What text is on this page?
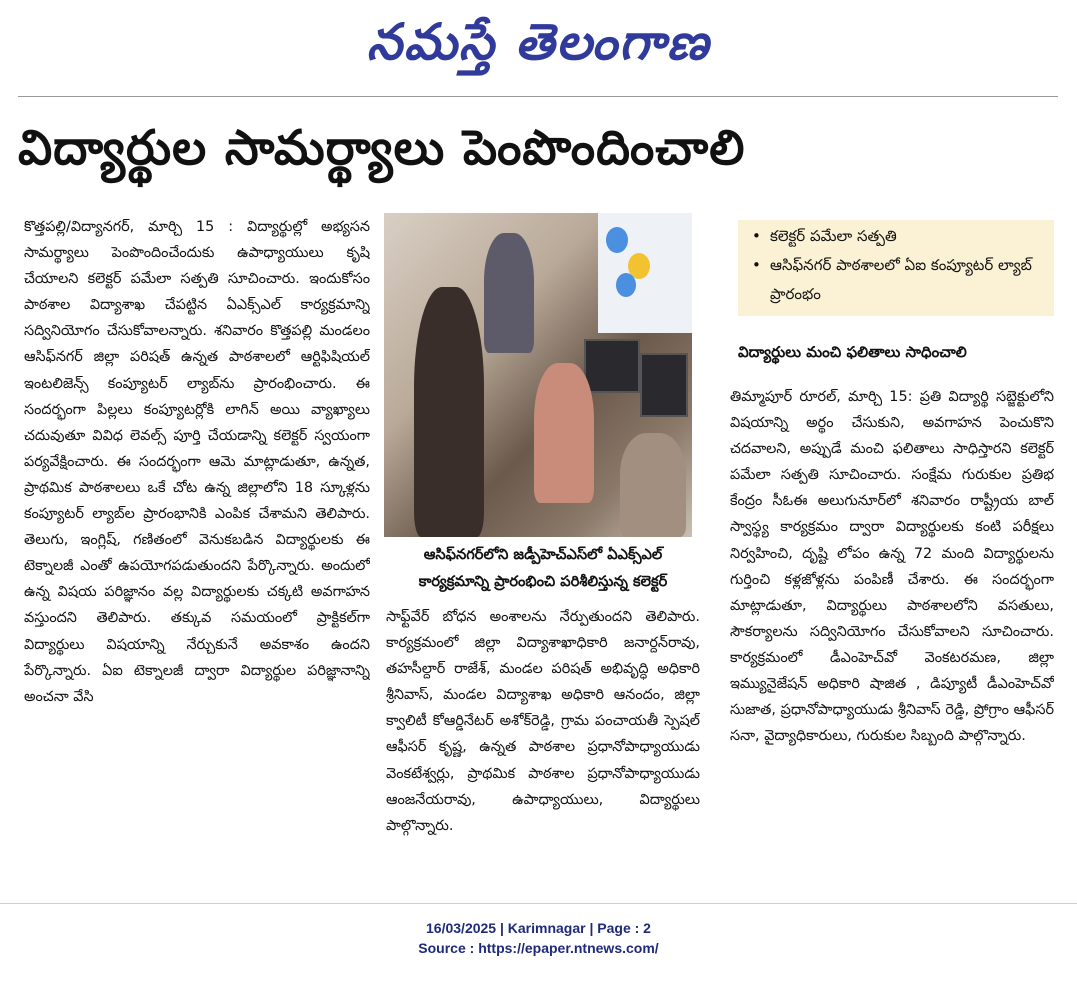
నమస్తే తెలంగాణ
విద్యార్థుల సామర్థ్యాలు పెంపొందించాలి

కొత్తపల్లి/విద్యానగర్, మార్చి 15 : విద్యార్థుల్లో అభ్యసన సామర్థ్యాలు పెంపొందించేందుకు ఉపాధ్యాయులు కృషి చేయాలని కలెక్టర్ పమేలా సత్పతి సూచించారు. ఇందుకోసం పాఠశాల విద్యాశాఖ చేపట్టిన ఏఎక్స్ఎల్ కార్యక్రమాన్ని సద్వినియోగం చేసుకోవాలన్నారు. శనివారం కొత్తపల్లి మండలం ఆసిఫ్‌నగర్ జిల్లా పరిషత్ ఉన్నత పాఠశాలలో ఆర్టిఫిషియల్ ఇంటలిజెన్స్ కంప్యూటర్ ల్యాబ్‌ను ప్రారంభించారు. ఈ సందర్భంగా పిల్లలు కంప్యూటర్లోకి లాగిన్ అయి వ్యాఖ్యాలు చదువుతూ వివిధ లెవల్స్ పూర్తి చేయడాన్ని కలెక్టర్ స్వయంగా పర్యవేక్షించారు. ఈ సందర్భంగా ఆమె మాట్లాడుతూ, ఉన్నత, ప్రాథమిక పాఠశాలలు ఒకే చోట ఉన్న జిల్లాలోని 18 స్కూళ్లను కంప్యూటర్ ల్యాబ్‌ల ప్రారంభానికి ఎంపిక చేశామని తెలిపారు. తెలుగు, ఇంగ్లిష్, గణితంలో వెనుకబడిన విద్యార్థులకు ఈ టెక్నాలజీ ఎంతో ఉపయోగపడుతుందని పేర్కొన్నారు. అందులో ఉన్న విషయ పరిజ్ఞానం వల్ల విద్యార్థులకు చక్కటి అవగాహన వస్తుందని తెలిపారు. తక్కువ సమయంలో ప్రాక్టికల్‌గా విద్యార్థులు విషయాన్ని నేర్చుకునే అవకాశం ఉందని పేర్కొన్నారు. ఏఐ టెక్నాలజీ ద్వారా విద్యార్థుల పరిజ్ఞానాన్ని అంచనా వేసి

ఆసిఫ్‌నగర్‌లోని జడ్పీహెచ్ఎస్‌లో ఏఎక్స్ఎల్ కార్యక్రమాన్ని ప్రారంభించి పరిశీలిస్తున్న కలెక్టర్

సాఫ్ట్‌వేర్ బోధన అంశాలను నేర్పుతుందని తెలిపారు. కార్యక్రమంలో జిల్లా విద్యాశాఖాధికారి జనార్దన్‌రావు, తహసీల్దార్ రాజేశ్, మండల పరిషత్ అభివృద్ధి అధికారి శ్రీనివాస్, మండల విద్యాశాఖ అధికారి ఆనందం, జిల్లా క్వాలిటీ కో‌ఆర్డినేటర్ అశోక్‌రెడ్డి, గ్రామ పంచాయతీ స్పెషల్ ఆఫీసర్ కృష్ణ, ఉన్నత పాఠశాల ప్రధానోపాధ్యాయుడు వెంకటేశ్వర్లు, ప్రాథమిక పాఠశాల ప్రధానోపాధ్యాయుడు ఆంజనేయరావు, ఉపాధ్యాయులు, విద్యార్థులు పాల్గొన్నారు.

• కలెక్టర్ పమేలా సత్పతి
• ఆసిఫ్‌నగర్ పాఠశాలలో ఏఐ కంప్యూటర్ ల్యాబ్ ప్రారంభం
విద్యార్థులు మంచి ఫలితాలు సాధించాలి

తిమ్మాపూర్ రూరల్, మార్చి 15: ప్రతి విద్యార్థి సబ్జెక్టులోని విషయాన్ని అర్థం చేసుకుని, అవగాహన పెంచుకొని చదవాలని, అప్పుడే మంచి ఫలితాలు సాధిస్తారని కలెక్టర్ పమేలా సత్పతి సూచించారు. సంక్షేమ గురుకుల ప్రతిభ కేంద్రం సీఓఈ అలుగునూర్‌లో శనివారం రాష్ట్రీయ బాల్ స్వాస్థ్య కార్యక్రమం ద్వారా విద్యార్థులకు కంటి పరీక్షలు నిర్వహించి, దృష్టి లోపం ఉన్న 72 మంది విద్యార్థులను గుర్తించి కళ్లజోళ్లను పంపిణీ చేశారు. ఈ సందర్భంగా మాట్లాడుతూ, విద్యార్థులు పాఠశాలలోని వసతులు, సౌకర్యాలను సద్వినియోగం చేసుకోవాలని సూచించారు. కార్యక్రమంలో డీఎంహెచ్‌వో వెంకటరమణ, జిల్లా ఇమ్యునైజేషన్ అధికారి షాజిత , డిప్యూటీ డీఎంహెచ్‌వో సుజాత, ప్రధానోపాధ్యాయుడు శ్రీనివాస్ రెడ్డి, ప్రోగ్రాం ఆఫీసర్ సనా, వైద్యాధికారులు, గురుకుల సిబ్బంది పాల్గొన్నారు.

16/03/2025 | Karimnagar | Page : 2
Source : https://epaper.ntnews.com/
